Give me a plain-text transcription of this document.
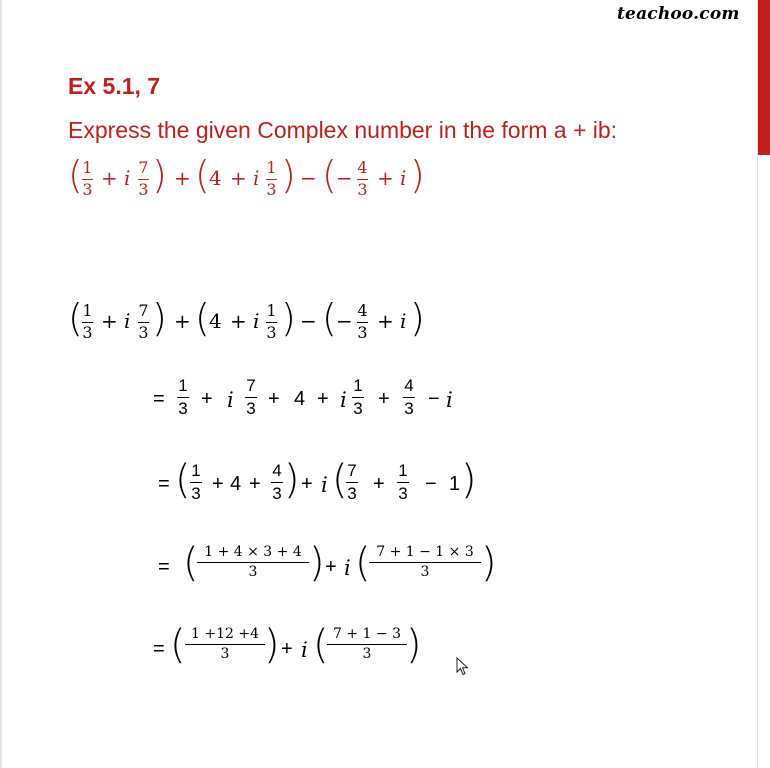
teachoo.com
Ex 5.1, 7
Express the given Complex number in the form a + ib:
( 1
3 + i 7
3 ) + ( 4 + i 1
3 ) − ( − 4
3 + i )
( 1
3 + i 7
3 ) + ( 4 + i 1
3 ) − ( − 4
3 + i )
=
1
3 + i
7
3 + 4 + i
1
3 +
4
3 − i
= ( 1
3 + 4 +
4
3 ) + i ( 7
3 +
1
3 − 1 )
= ( 1 + 4 × 3 + 4
3 ) + i ( 7 + 1 − 1 × 3
3 )
= ( 1 +12 +4
3 ) + i ( 7 + 1 − 3
3 )
